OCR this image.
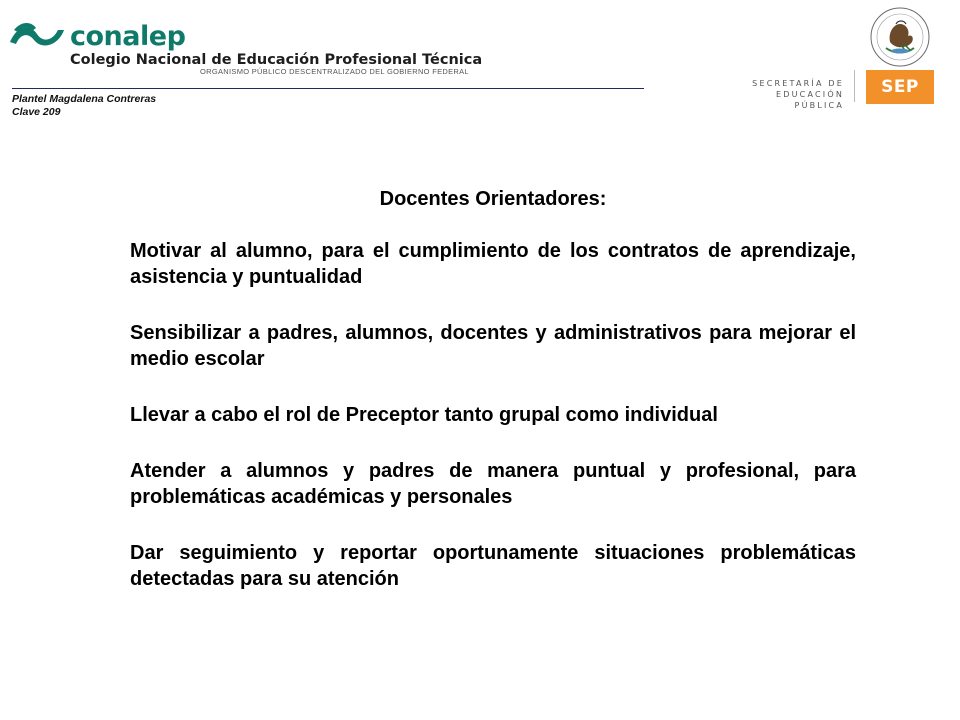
conalep
Colegio Nacional de Educación Profesional Técnica
ORGANISMO PÚBLICO DESCENTRALIZADO DEL GOBIERNO FEDERAL
Plantel Magdalena Contreras
Clave 209
SECRETARÍA DE
EDUCACIÓN PÚBLICA
SEP
Docentes Orientadores:

Motivar al alumno, para el cumplimiento de los contratos de aprendizaje, asistencia y puntualidad

Sensibilizar a padres, alumnos, docentes y administrativos para mejorar el medio escolar

Llevar a cabo el rol de Preceptor tanto grupal como individual

Atender a alumnos y padres de manera puntual y profesional, para problemáticas académicas y personales

Dar seguimiento y reportar oportunamente situaciones problemáticas detectadas para su atención
